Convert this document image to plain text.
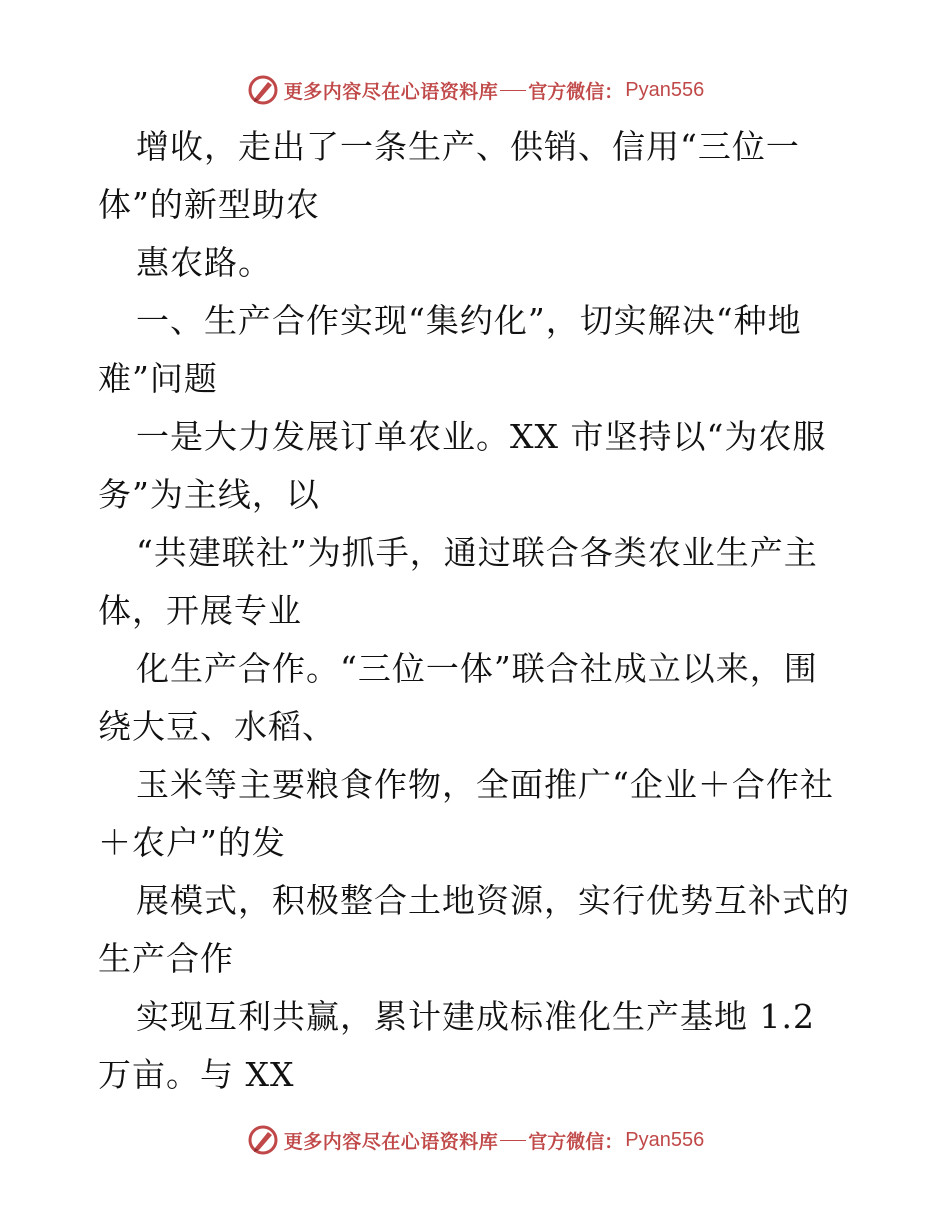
更多内容尽在心语资料库 官方微信： Pyan556
增收，走出了一条生产、供销、信用“三位一
体”的新型助农
惠农路。
一、生产合作实现“集约化”，切实解决“种地
难”问题
一是大力发展订单农业。XX 市坚持以“为农服
务”为主线，以
“共建联社”为抓手，通过联合各类农业生产主
体，开展专业
化生产合作。“三位一体”联合社成立以来，围
绕大豆、水稻、
玉米等主要粮食作物，全面推广“企业＋合作社
＋农户”的发
展模式，积极整合土地资源，实行优势互补式的
生产合作
实现互利共赢，累计建成标准化生产基地 1.2
万亩。与 XX
更多内容尽在心语资料库 官方微信： Pyan556
